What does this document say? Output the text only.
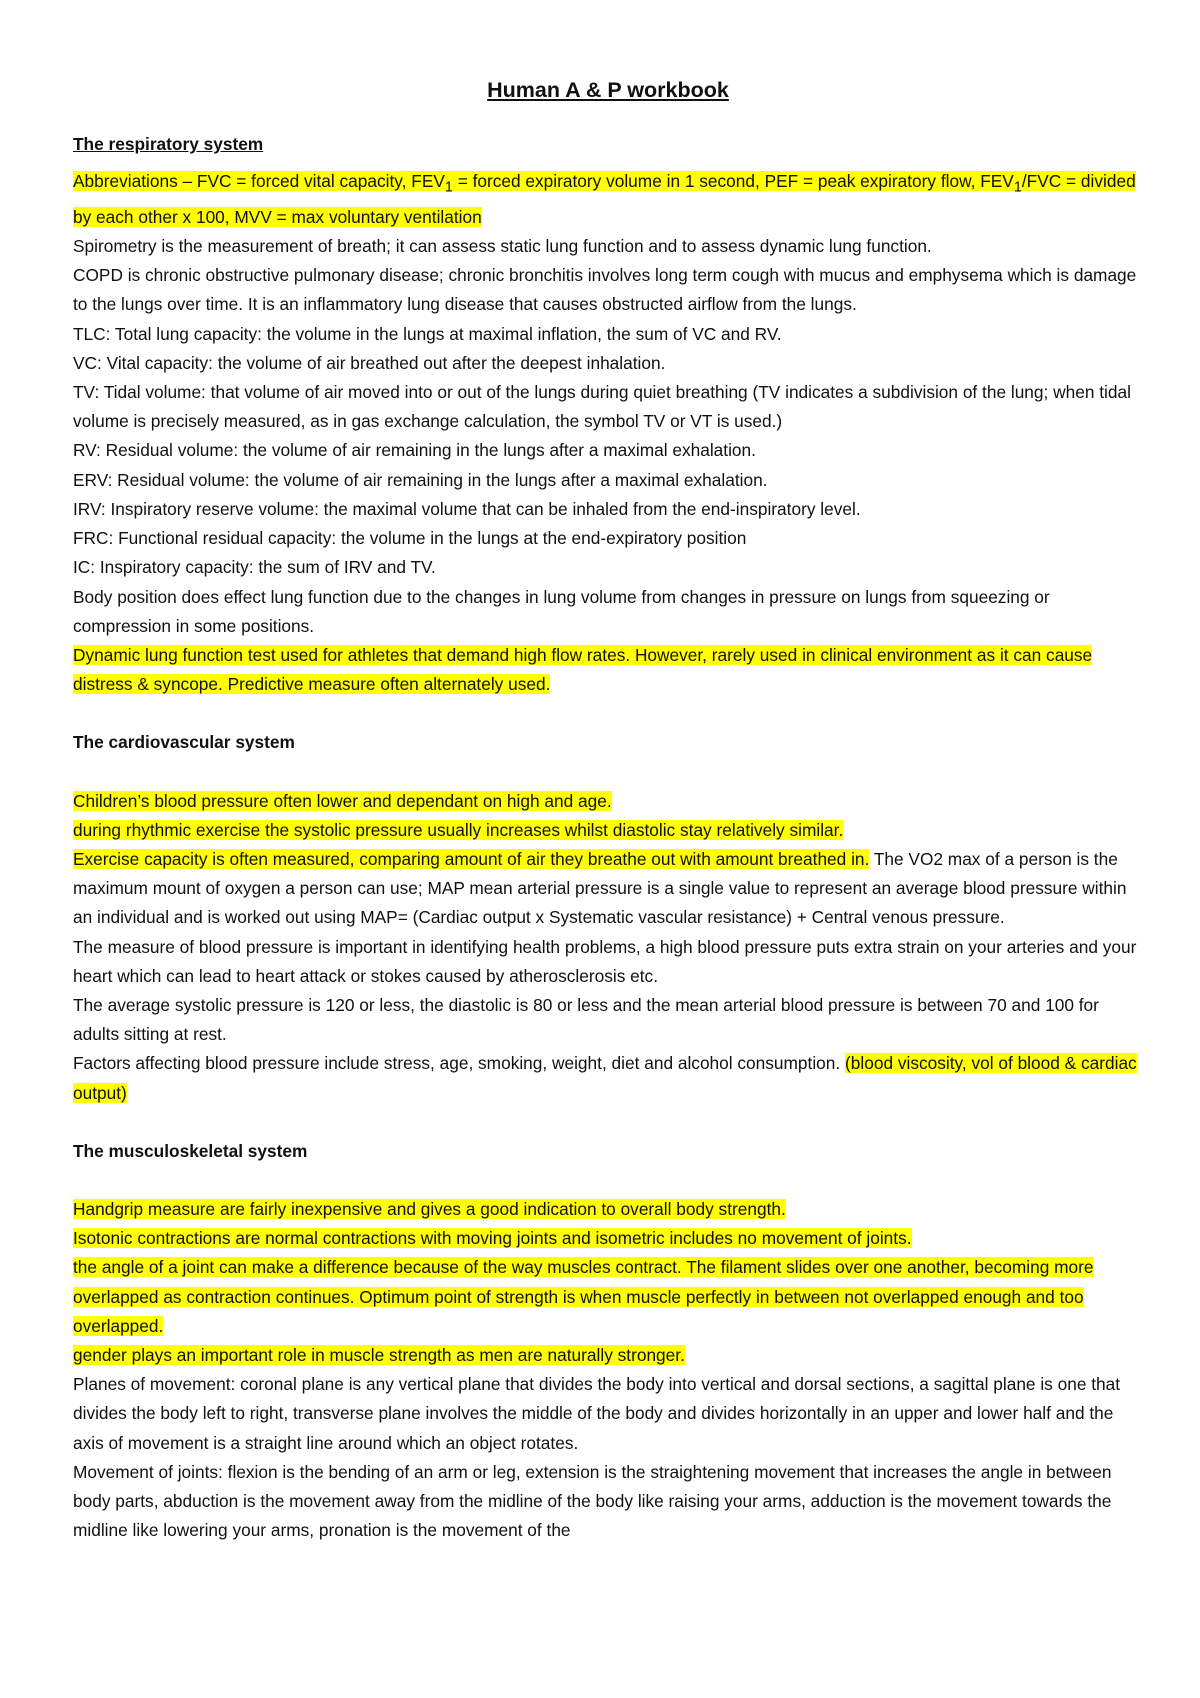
Human A & P workbook
The respiratory system

Abbreviations – FVC = forced vital capacity, $FEV_1$ = forced expiratory volume in 1 second, PEF = peak expiratory flow, $FEV_1$/FVC = divided by each other x 100, MVV = max voluntary ventilation

Spirometry is the measurement of breath; it can assess static lung function and to assess dynamic lung function.

COPD is chronic obstructive pulmonary disease; chronic bronchitis involves long term cough with mucus and emphysema which is damage to the lungs over time. It is an inflammatory lung disease that causes obstructed airflow from the lungs.

TLC: Total lung capacity: the volume in the lungs at maximal inflation, the sum of VC and RV.

VC: Vital capacity: the volume of air breathed out after the deepest inhalation.

TV: Tidal volume: that volume of air moved into or out of the lungs during quiet breathing (TV indicates a subdivision of the lung; when tidal volume is precisely measured, as in gas exchange calculation, the symbol TV or VT is used.)

RV: Residual volume: the volume of air remaining in the lungs after a maximal exhalation.

ERV: Residual volume: the volume of air remaining in the lungs after a maximal exhalation.

IRV: Inspiratory reserve volume: the maximal volume that can be inhaled from the end-inspiratory level.

FRC: Functional residual capacity: the volume in the lungs at the end-expiratory position

IC: Inspiratory capacity: the sum of IRV and TV.

Body position does effect lung function due to the changes in lung volume from changes in pressure on lungs from squeezing or compression in some positions.

Dynamic lung function test used for athletes that demand high flow rates. However, rarely used in clinical environment as it can cause distress & syncope. Predictive measure often alternately used.

The cardiovascular system

Children’s blood pressure often lower and dependant on high and age.

during rhythmic exercise the systolic pressure usually increases whilst diastolic stay relatively similar.

Exercise capacity is often measured, comparing amount of air they breathe out with amount breathed in. The VO2 max of a person is the maximum mount of oxygen a person can use; MAP mean arterial pressure is a single value to represent an average blood pressure within an individual and is worked out using MAP= (Cardiac output x Systematic vascular resistance) + Central venous pressure.

The measure of blood pressure is important in identifying health problems, a high blood pressure puts extra strain on your arteries and your heart which can lead to heart attack or stokes caused by atherosclerosis etc.

The average systolic pressure is 120 or less, the diastolic is 80 or less and the mean arterial blood pressure is between 70 and 100 for adults sitting at rest.

Factors affecting blood pressure include stress, age, smoking, weight, diet and alcohol consumption. (blood viscosity, vol of blood & cardiac output)

The musculoskeletal system

Handgrip measure are fairly inexpensive and gives a good indication to overall body strength.

Isotonic contractions are normal contractions with moving joints and isometric includes no movement of joints.

the angle of a joint can make a difference because of the way muscles contract. The filament slides over one another, becoming more overlapped as contraction continues. Optimum point of strength is when muscle perfectly in between not overlapped enough and too overlapped.

gender plays an important role in muscle strength as men are naturally stronger.

Planes of movement: coronal plane is any vertical plane that divides the body into vertical and dorsal sections, a sagittal plane is one that divides the body left to right, transverse plane involves the middle of the body and divides horizontally in an upper and lower half and the axis of movement is a straight line around which an object rotates.

Movement of joints: flexion is the bending of an arm or leg, extension is the straightening movement that increases the angle in between body parts, abduction is the movement away from the midline of the body like raising your arms, adduction is the movement towards the midline like lowering your arms, pronation is the movement of the
